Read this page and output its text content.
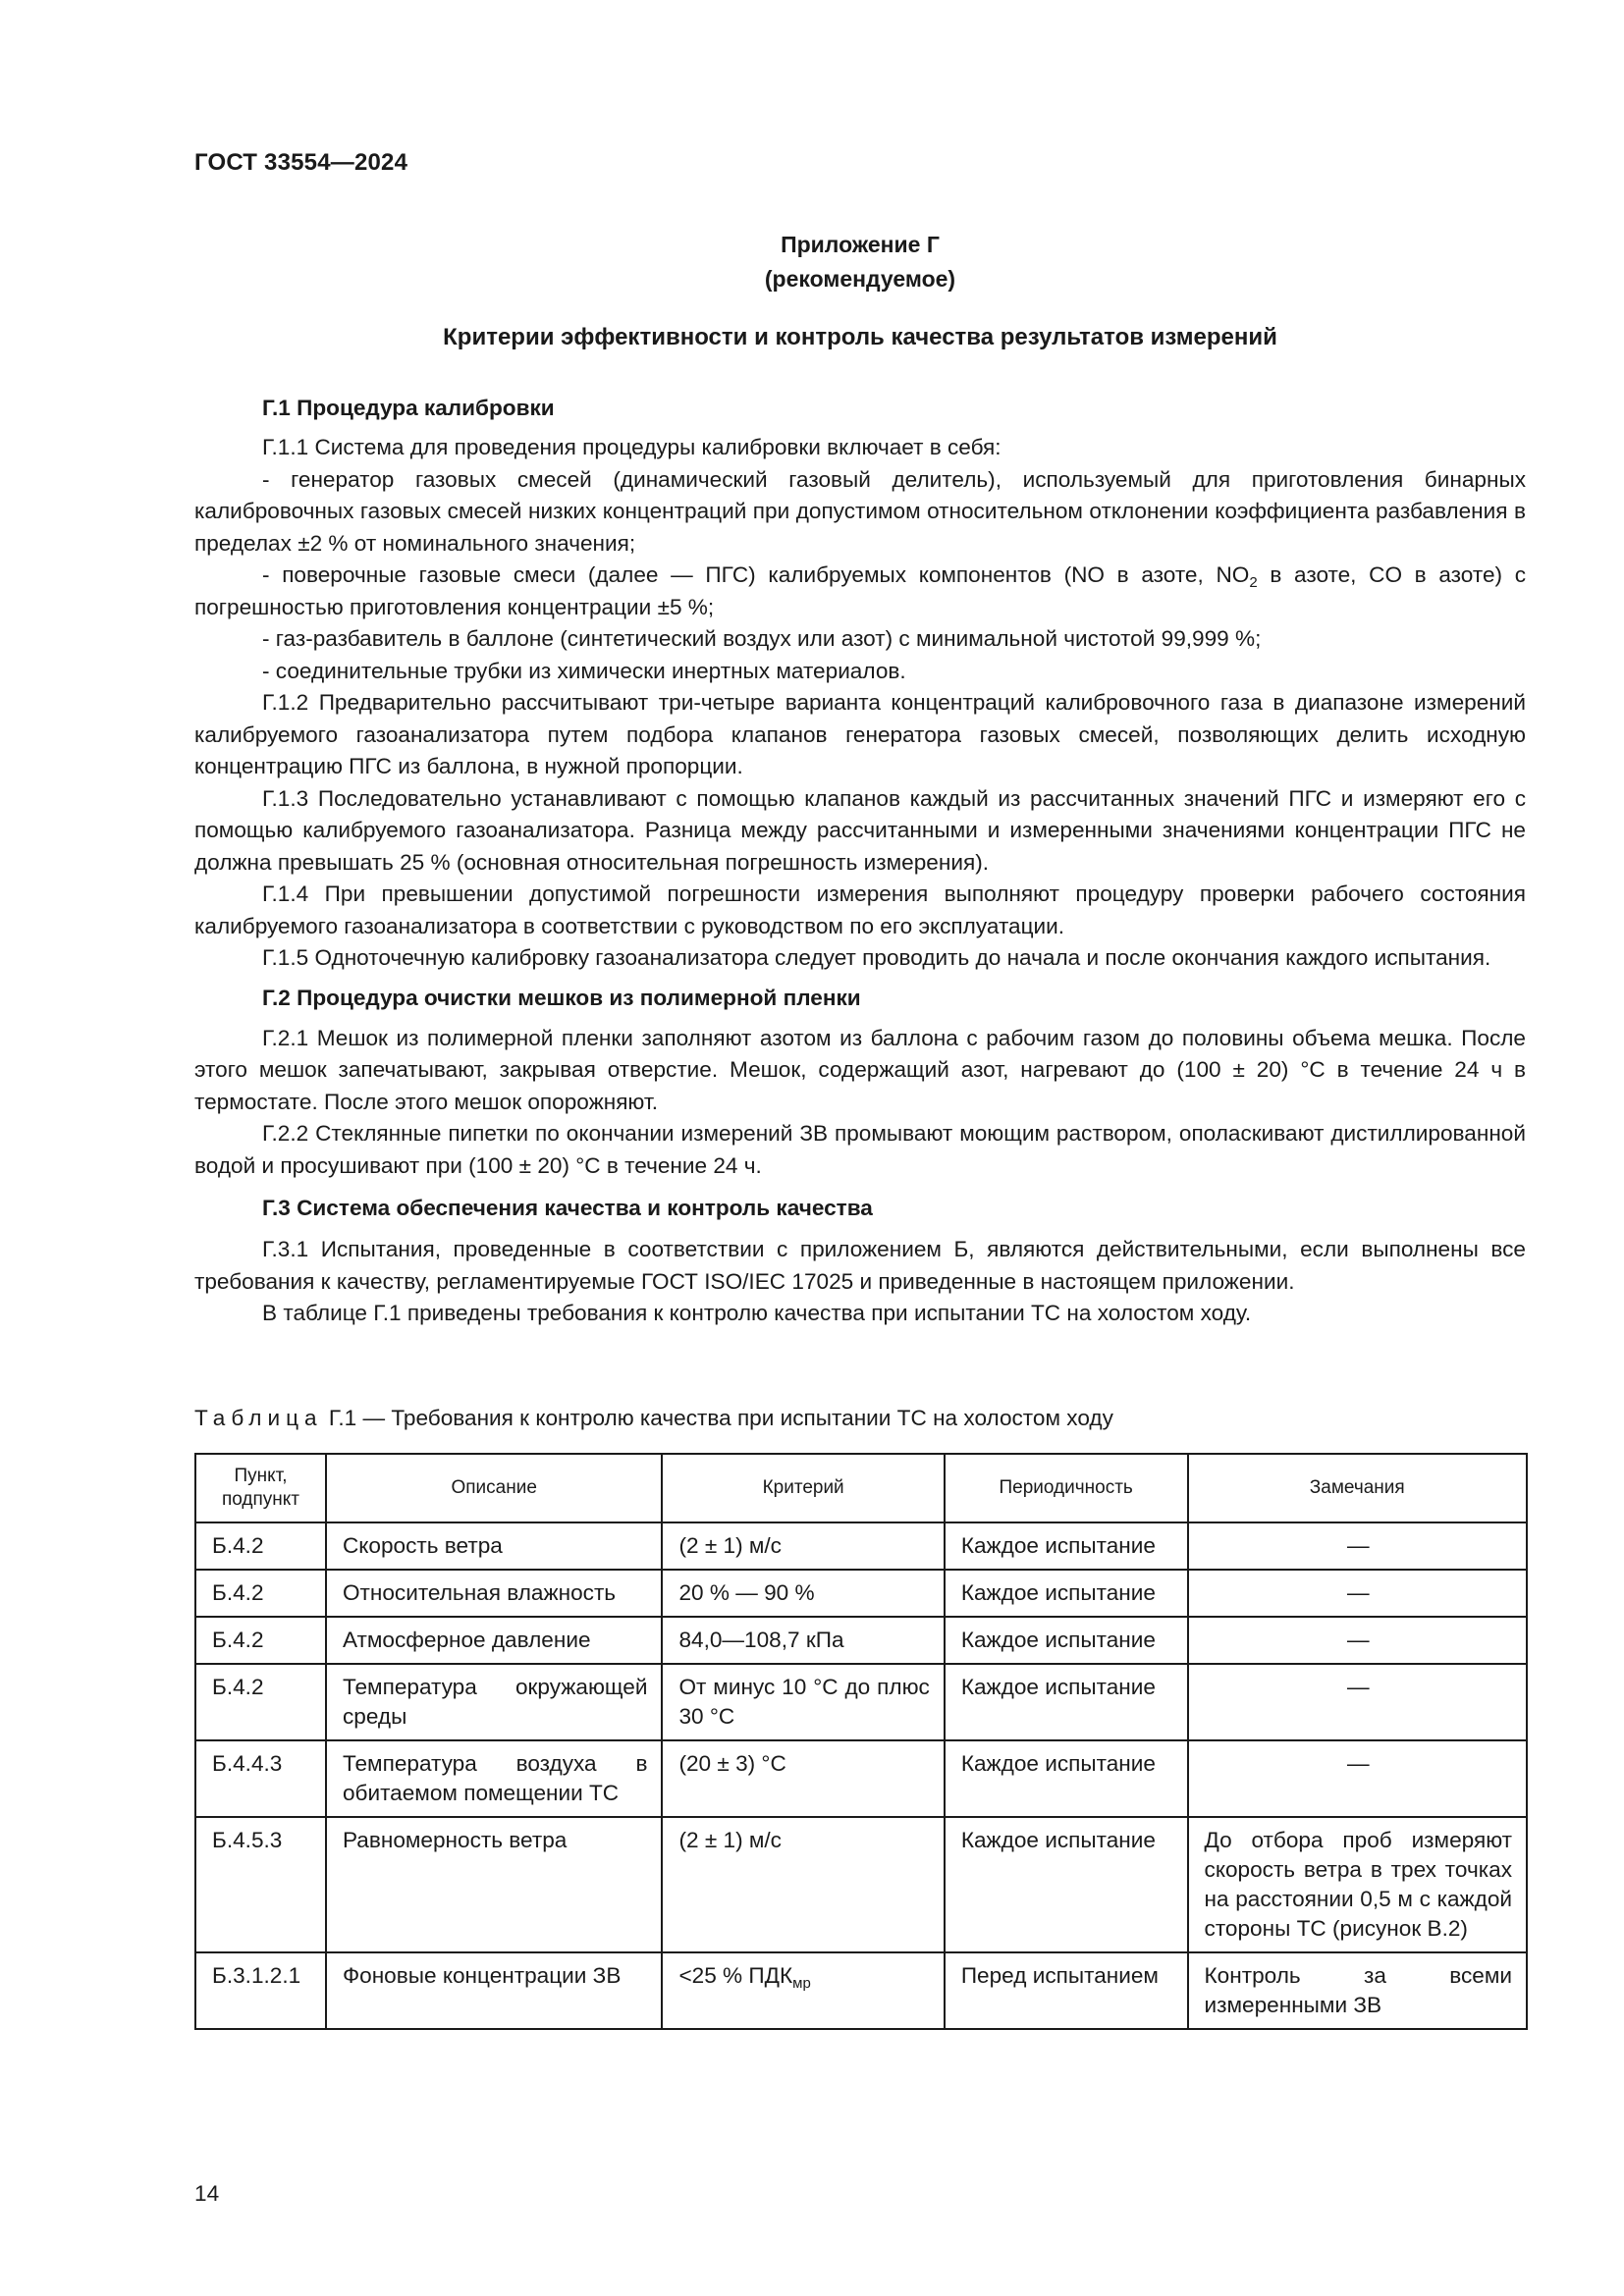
ГОСТ 33554—2024
Приложение Г
(рекомендуемое)
Критерии эффективности и контроль качества результатов измерений
Г.1 Процедура калибровки

Г.1.1 Система для проведения процедуры калибровки включает в себя:

- генератор газовых смесей (динамический газовый делитель), используемый для приготовления бинарных калибровочных газовых смесей низких концентраций при допустимом относительном отклонении коэффициента разбавления в пределах ±2 % от номинального значения;

- поверочные газовые смеси (далее — ПГС) калибруемых компонентов (NO в азоте, $NO_2$ в азоте, CO в азоте) с погрешностью приготовления концентрации ±5 %;

- газ-разбавитель в баллоне (синтетический воздух или азот) с минимальной чистотой 99,999 %;

- соединительные трубки из химически инертных материалов.

Г.1.2 Предварительно рассчитывают три-четыре варианта концентраций калибровочного газа в диапазоне измерений калибруемого газоанализатора путем подбора клапанов генератора газовых смесей, позволяющих делить исходную концентрацию ПГС из баллона, в нужной пропорции.

Г.1.3 Последовательно устанавливают с помощью клапанов каждый из рассчитанных значений ПГС и измеряют его с помощью калибруемого газоанализатора. Разница между рассчитанными и измеренными значениями концентрации ПГС не должна превышать 25 % (основная относительная погрешность измерения).

Г.1.4 При превышении допустимой погрешности измерения выполняют процедуру проверки рабочего состояния калибруемого газоанализатора в соответствии с руководством по его эксплуатации.

Г.1.5 Одноточечную калибровку газоанализатора следует проводить до начала и после окончания каждого испытания.

Г.2 Процедура очистки мешков из полимерной пленки

Г.2.1 Мешок из полимерной пленки заполняют азотом из баллона с рабочим газом до половины объема мешка. После этого мешок запечатывают, закрывая отверстие. Мешок, содержащий азот, нагревают до (100 ± 20) °C в течение 24 ч в термостате. После этого мешок опорожняют.

Г.2.2 Стеклянные пипетки по окончании измерений ЗВ промывают моющим раствором, ополаскивают дистиллированной водой и просушивают при (100 ± 20) °C в течение 24 ч.

Г.3 Система обеспечения качества и контроль качества

Г.3.1 Испытания, проведенные в соответствии с приложением Б, являются действительными, если выполнены все требования к качеству, регламентируемые ГОСТ ISO/IEC 17025 и приведенные в настоящем приложении.

В таблице Г.1 приведены требования к контролю качества при испытании ТС на холостом ходу.

Таблица Г.1 — Требования к контролю качества при испытании ТС на холостом ходу
Пункт, подпункт	Описание	Критерий	Периодичность	Замечания
Б.4.2	Скорость ветра	(2 ± 1) м/с	Каждое испытание	—
Б.4.2	Относительная влажность	20 % — 90 %	Каждое испытание	—
Б.4.2	Атмосферное давление	84,0—108,7 кПа	Каждое испытание	—
Б.4.2	Температура окружающей среды	От минус 10 °C до плюс 30 °C	Каждое испытание	—
Б.4.4.3	Температура воздуха в обитаемом помещении ТС	(20 ± 3) °C	Каждое испытание	—
Б.4.5.3	Равномерность ветра	(2 ± 1) м/с	Каждое испытание	До отбора проб измеряют скорость ветра в трех точках на расстоянии 0,5 м с каждой стороны ТС (рисунок В.2)
Б.3.1.2.1	Фоновые концентрации ЗВ	<25 % $ПДК_{мр}$	Перед испытанием	Контроль за всеми измеренными ЗВ
14
